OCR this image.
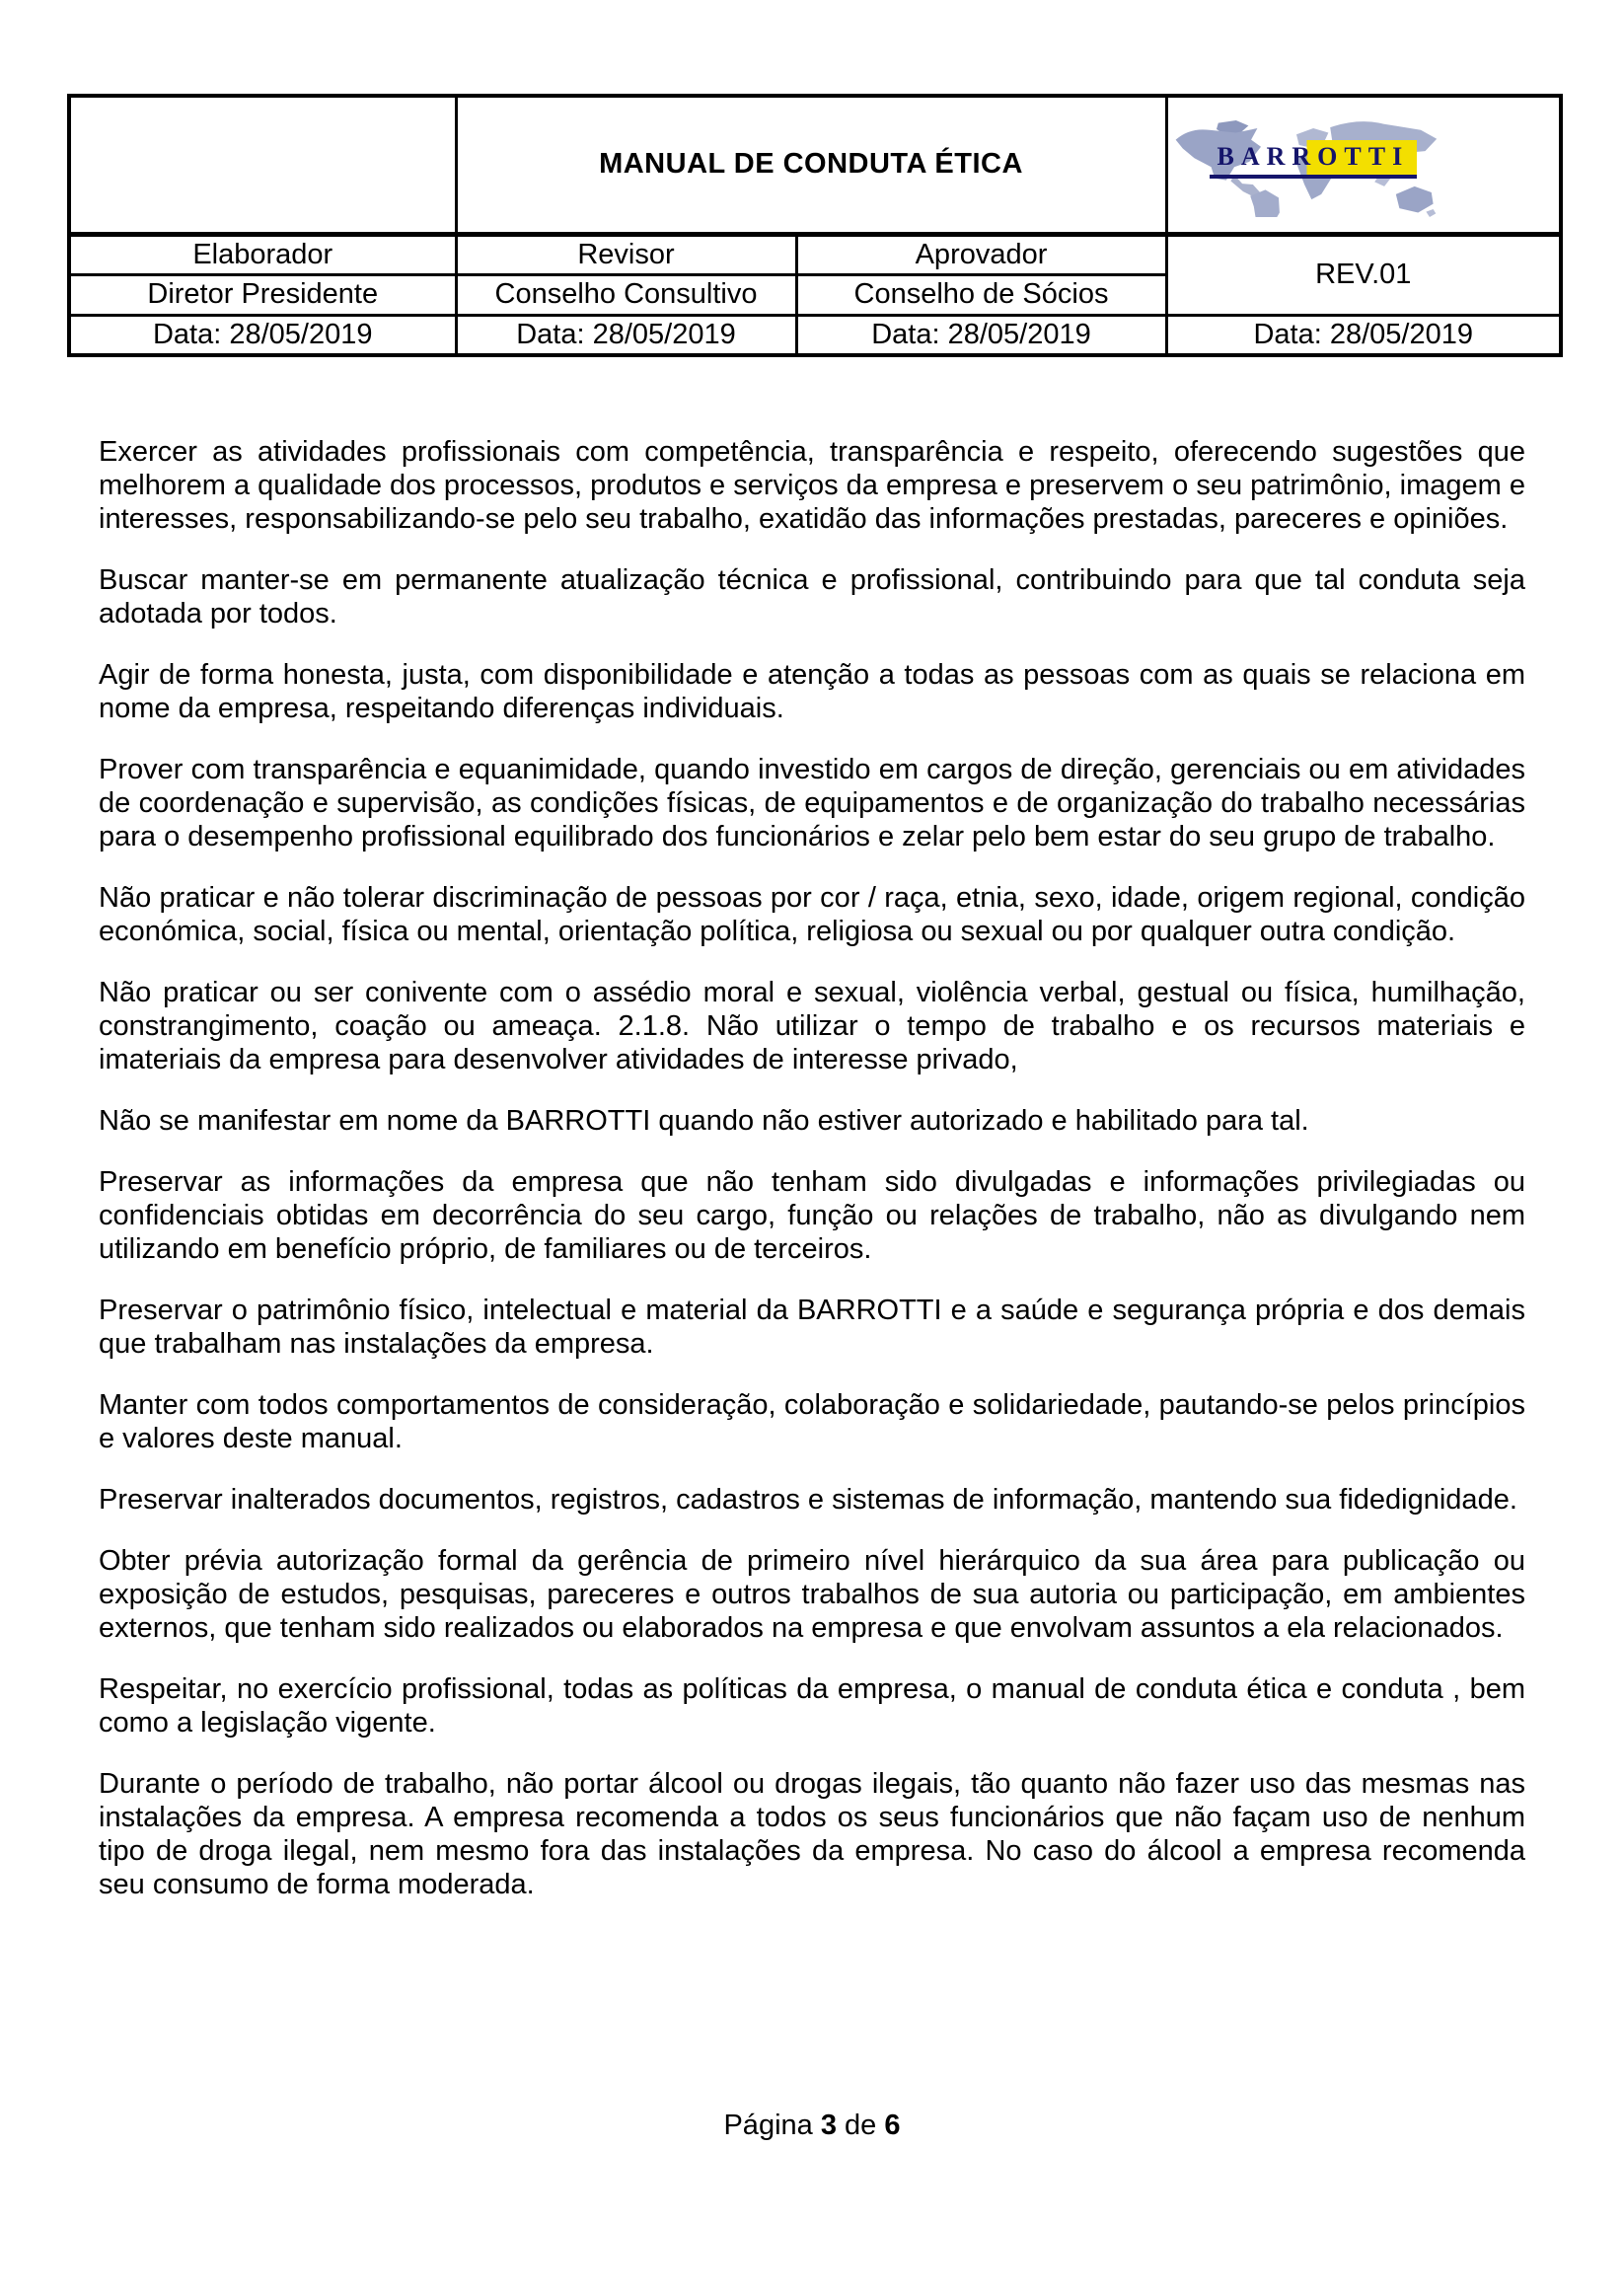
	MANUAL DE CONDUTA ÉTICA		BARROTTI

Elaborador	Revisor	Aprovador	REV.01
Diretor Presidente	Conselho Consultivo	Conselho de Sócios	
Data: 28/05/2019	Data: 28/05/2019	Data: 28/05/2019	Data: 28/05/2019

Exercer as atividades profissionais com competência, transparência e respeito, oferecendo sugestões que melhorem a qualidade dos processos, produtos e serviços da empresa e preservem o seu patrimônio, imagem e interesses, responsabilizando-se pelo seu trabalho, exatidão das informações prestadas, pareceres e opiniões.

Buscar manter-se em permanente atualização técnica e profissional, contribuindo para que tal conduta seja adotada por todos.

Agir de forma honesta, justa, com disponibilidade e atenção a todas as pessoas com as quais se relaciona em nome da empresa, respeitando diferenças individuais.

Prover com transparência e equanimidade, quando investido em cargos de direção, gerenciais ou em atividades de coordenação e supervisão, as condições físicas, de equipamentos e de organização do trabalho necessárias para o desempenho profissional equilibrado dos funcionários e zelar pelo bem estar do seu grupo de trabalho.

Não praticar e não tolerar discriminação de pessoas por cor / raça, etnia, sexo, idade, origem regional, condição económica, social, física ou mental, orientação política, religiosa ou sexual ou por qualquer outra condição.

Não praticar ou ser conivente com o assédio moral e sexual, violência verbal, gestual ou física, humilhação, constrangimento, coação ou ameaça. 2.1.8. Não utilizar o tempo de trabalho e os recursos materiais e imateriais da empresa para desenvolver atividades de interesse privado,

Não se manifestar em nome da BARROTTI quando não estiver autorizado e habilitado para tal.

Preservar as informações da empresa que não tenham sido divulgadas e informações privilegiadas ou confidenciais obtidas em decorrência do seu cargo, função ou relações de trabalho, não as divulgando nem utilizando em benefício próprio, de familiares ou de terceiros.

Preservar o patrimônio físico, intelectual e material da BARROTTI e a saúde e segurança própria e dos demais que trabalham nas instalações da empresa.

Manter com todos comportamentos de consideração, colaboração e solidariedade, pautando-se pelos princípios e valores deste manual.

Preservar inalterados documentos, registros, cadastros e sistemas de informação, mantendo sua fidedignidade.

Obter prévia autorização formal da gerência de primeiro nível hierárquico da sua área para publicação ou exposição de estudos, pesquisas, pareceres e outros trabalhos de sua autoria ou participação, em ambientes externos, que tenham sido realizados ou elaborados na empresa e que envolvam assuntos a ela relacionados.

Respeitar, no exercício profissional, todas as políticas da empresa, o manual de conduta ética e conduta , bem como a legislação vigente.

Durante o período de trabalho, não portar álcool ou drogas ilegais, tão quanto não fazer uso das mesmas nas instalações da empresa. A empresa recomenda a todos os seus funcionários que não façam uso de nenhum tipo de droga ilegal, nem mesmo fora das instalações da empresa. No caso do álcool a empresa recomenda seu consumo de forma moderada.

Página 3 de 6
